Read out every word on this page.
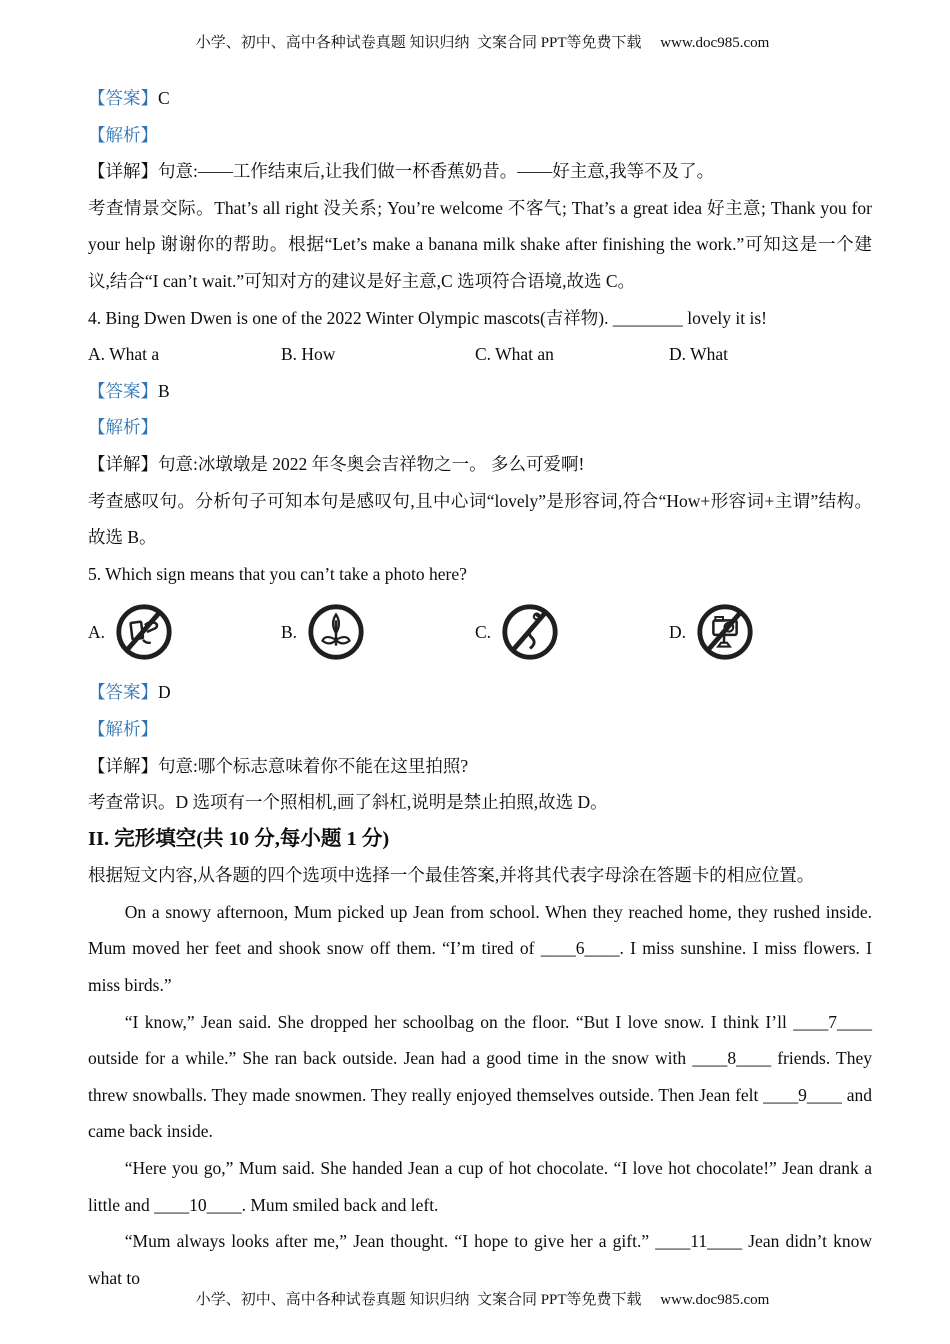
小学、初中、高中各种试卷真题 知识归纳  文案合同 PPT等免费下载     www.doc985.com

【答案】C

【解析】

【详解】句意:——工作结束后,让我们做一杯香蕉奶昔。——好主意,我等不及了。

考查情景交际。That’s all right 没关系; You’re welcome 不客气; That’s a great idea 好主意; Thank you for your help 谢谢你的帮助。根据“Let’s make a banana milk shake after finishing the work.”可知这是一个建议,结合“I can’t wait.”可知对方的建议是好主意,C 选项符合语境,故选 C。

4. Bing Dwen Dwen is one of the 2022 Winter Olympic mascots(吉祥物). ________ lovely it is!

A. What a	B. How	C. What an	D. What

【答案】B

【解析】

【详解】句意:冰墩墩是 2022 年冬奥会吉祥物之一。 多么可爱啊!

考查感叹句。分析句子可知本句是感叹句,且中心词“lovely”是形容词,符合“How+形容词+主谓”结构。故选 B。

5. Which sign means that you can’t take a photo here?

A.	B.	C.	D.

【答案】D

【解析】

【详解】句意:哪个标志意味着你不能在这里拍照?

考查常识。D 选项有一个照相机,画了斜杠,说明是禁止拍照,故选 D。

II. 完形填空(共 10 分,每小题 1 分)

根据短文内容,从各题的四个选项中选择一个最佳答案,并将其代表字母涂在答题卡的相应位置。

On a snowy afternoon, Mum picked up Jean from school. When they reached home, they rushed inside. Mum moved her feet and shook snow off them. “I’m tired of ____6____. I miss sunshine. I miss flowers. I miss birds.”

“I know,” Jean said. She dropped her schoolbag on the floor. “But I love snow. I think I’ll ____7____ outside for a while.” She ran back outside. Jean had a good time in the snow with ____8____ friends. They threw snowballs. They made snowmen. They really enjoyed themselves outside. Then Jean felt ____9____ and came back inside.

“Here you go,” Mum said. She handed Jean a cup of hot chocolate. “I love hot chocolate!” Jean drank a little and ____10____. Mum smiled back and left.

“Mum always looks after me,” Jean thought. “I hope to give her a gift.” ____11____ Jean didn’t know what to

小学、初中、高中各种试卷真题 知识归纳  文案合同 PPT等免费下载     www.doc985.com
